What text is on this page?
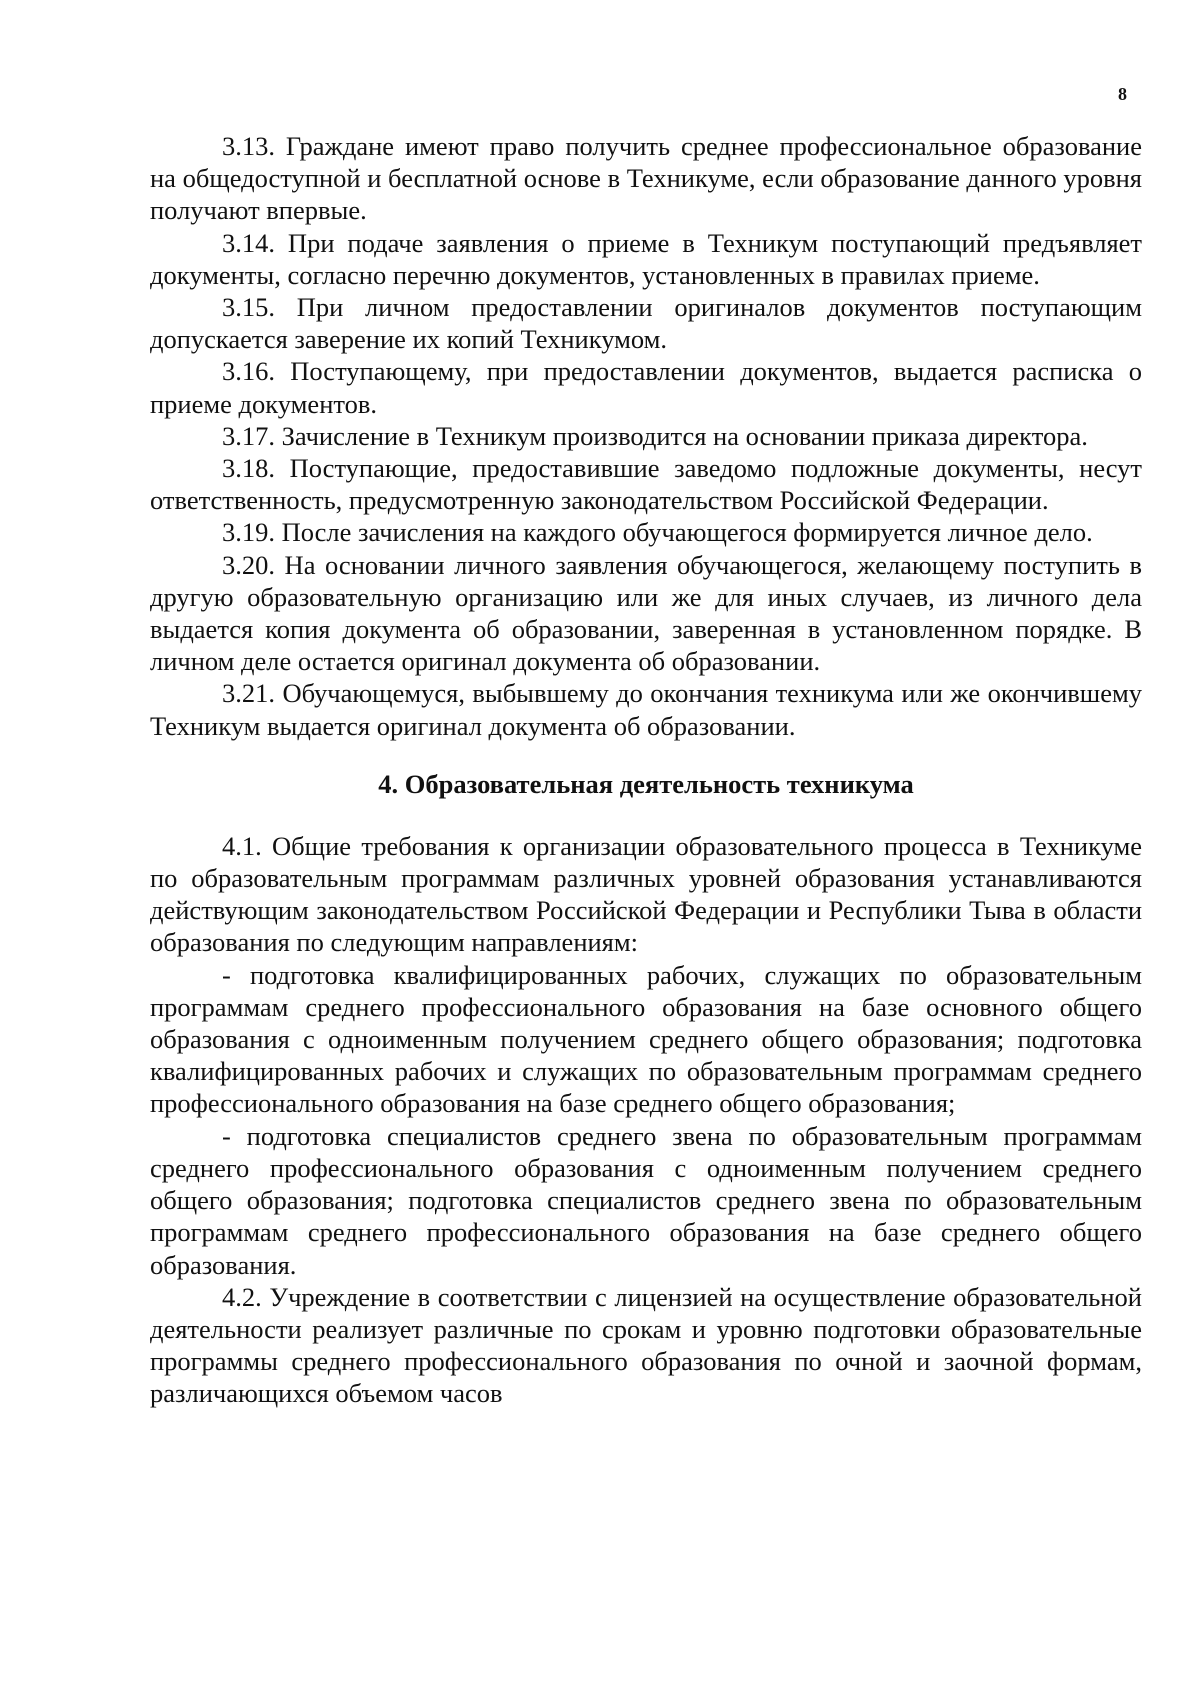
8

3.13. Граждане имеют право получить среднее профессиональное образование на общедоступной и бесплатной основе в Техникуме, если образование данного уровня получают впервые.

3.14. При подаче заявления о приеме в Техникум поступающий предъявляет документы, согласно перечню документов, установленных в правилах приеме.

3.15. При личном предоставлении оригиналов документов поступающим допускается заверение их копий Техникумом.

3.16. Поступающему, при предоставлении документов, выдается расписка о приеме документов.

3.17. Зачисление в Техникум производится на основании приказа директора.

3.18. Поступающие, предоставившие заведомо подложные документы, несут ответственность, предусмотренную законодательством Российской Федерации.

3.19. После зачисления на каждого обучающегося формируется личное дело.

3.20. На основании личного заявления обучающегося, желающему поступить в другую образовательную организацию или же для иных случаев, из личного дела выдается копия документа об образовании, заверенная в установленном порядке. В личном деле остается оригинал документа об образовании.

3.21. Обучающемуся, выбывшему до окончания техникума или же окончившему Техникум выдается оригинал документа об образовании.

4. Образовательная деятельность техникума

4.1. Общие требования к организации образовательного процесса в Техникуме по образовательным программам различных уровней образования устанавливаются действующим законодательством Российской Федерации и Республики Тыва в области образования по следующим направлениям:

- подготовка квалифицированных рабочих, служащих по образовательным программам среднего профессионального образования на базе основного общего образования с одноименным получением среднего общего образования; подготовка квалифицированных рабочих и служащих по образовательным программам среднего профессионального образования на базе среднего общего образования;

- подготовка специалистов среднего звена по образовательным программам среднего профессионального образования с одноименным получением среднего общего образования; подготовка специалистов среднего звена по образовательным программам среднего профессионального образования на базе среднего общего образования.

4.2. Учреждение в соответствии с лицензией на осуществление образовательной деятельности реализует различные по срокам и уровню подготовки образовательные программы среднего профессионального образования по очной и заочной формам, различающихся объемом часов
